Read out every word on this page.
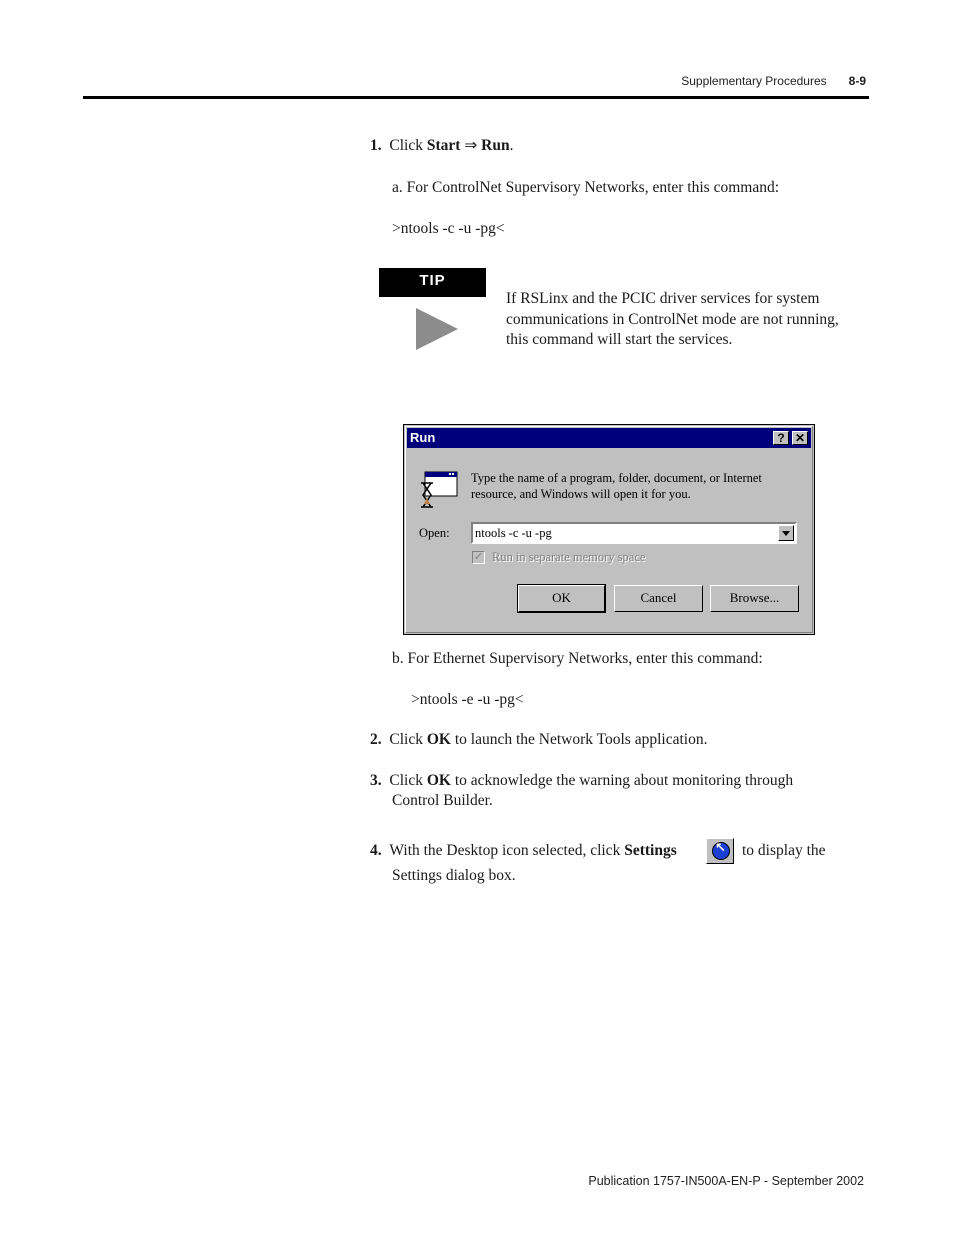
Supplementary Procedures 8-9
1. Click Start ⇒ Run.
a. For ControlNet Supervisory Networks, enter this command:
>ntools -c -u -pg<
TIP
If RSLinx and the PCIC driver services for system
communications in ControlNet mode are not running,
this command will start the services.
Run	? ✕
Type the name of a program, folder, document, or Internet
resource, and Windows will open it for you.
Open: ntools -c -u -pg
✓ Run in separate memory space
OK	Cancel	Browse...
b. For Ethernet Supervisory Networks, enter this command:
>ntools -e -u -pg<
2. Click OK to launch the Network Tools application.
3. Click OK to acknowledge the warning about monitoring through
Control Builder.
4. With the Desktop icon selected, click Settings
↖	to display the
Settings dialog box.
Publication 1757-IN500A-EN-P - September 2002
